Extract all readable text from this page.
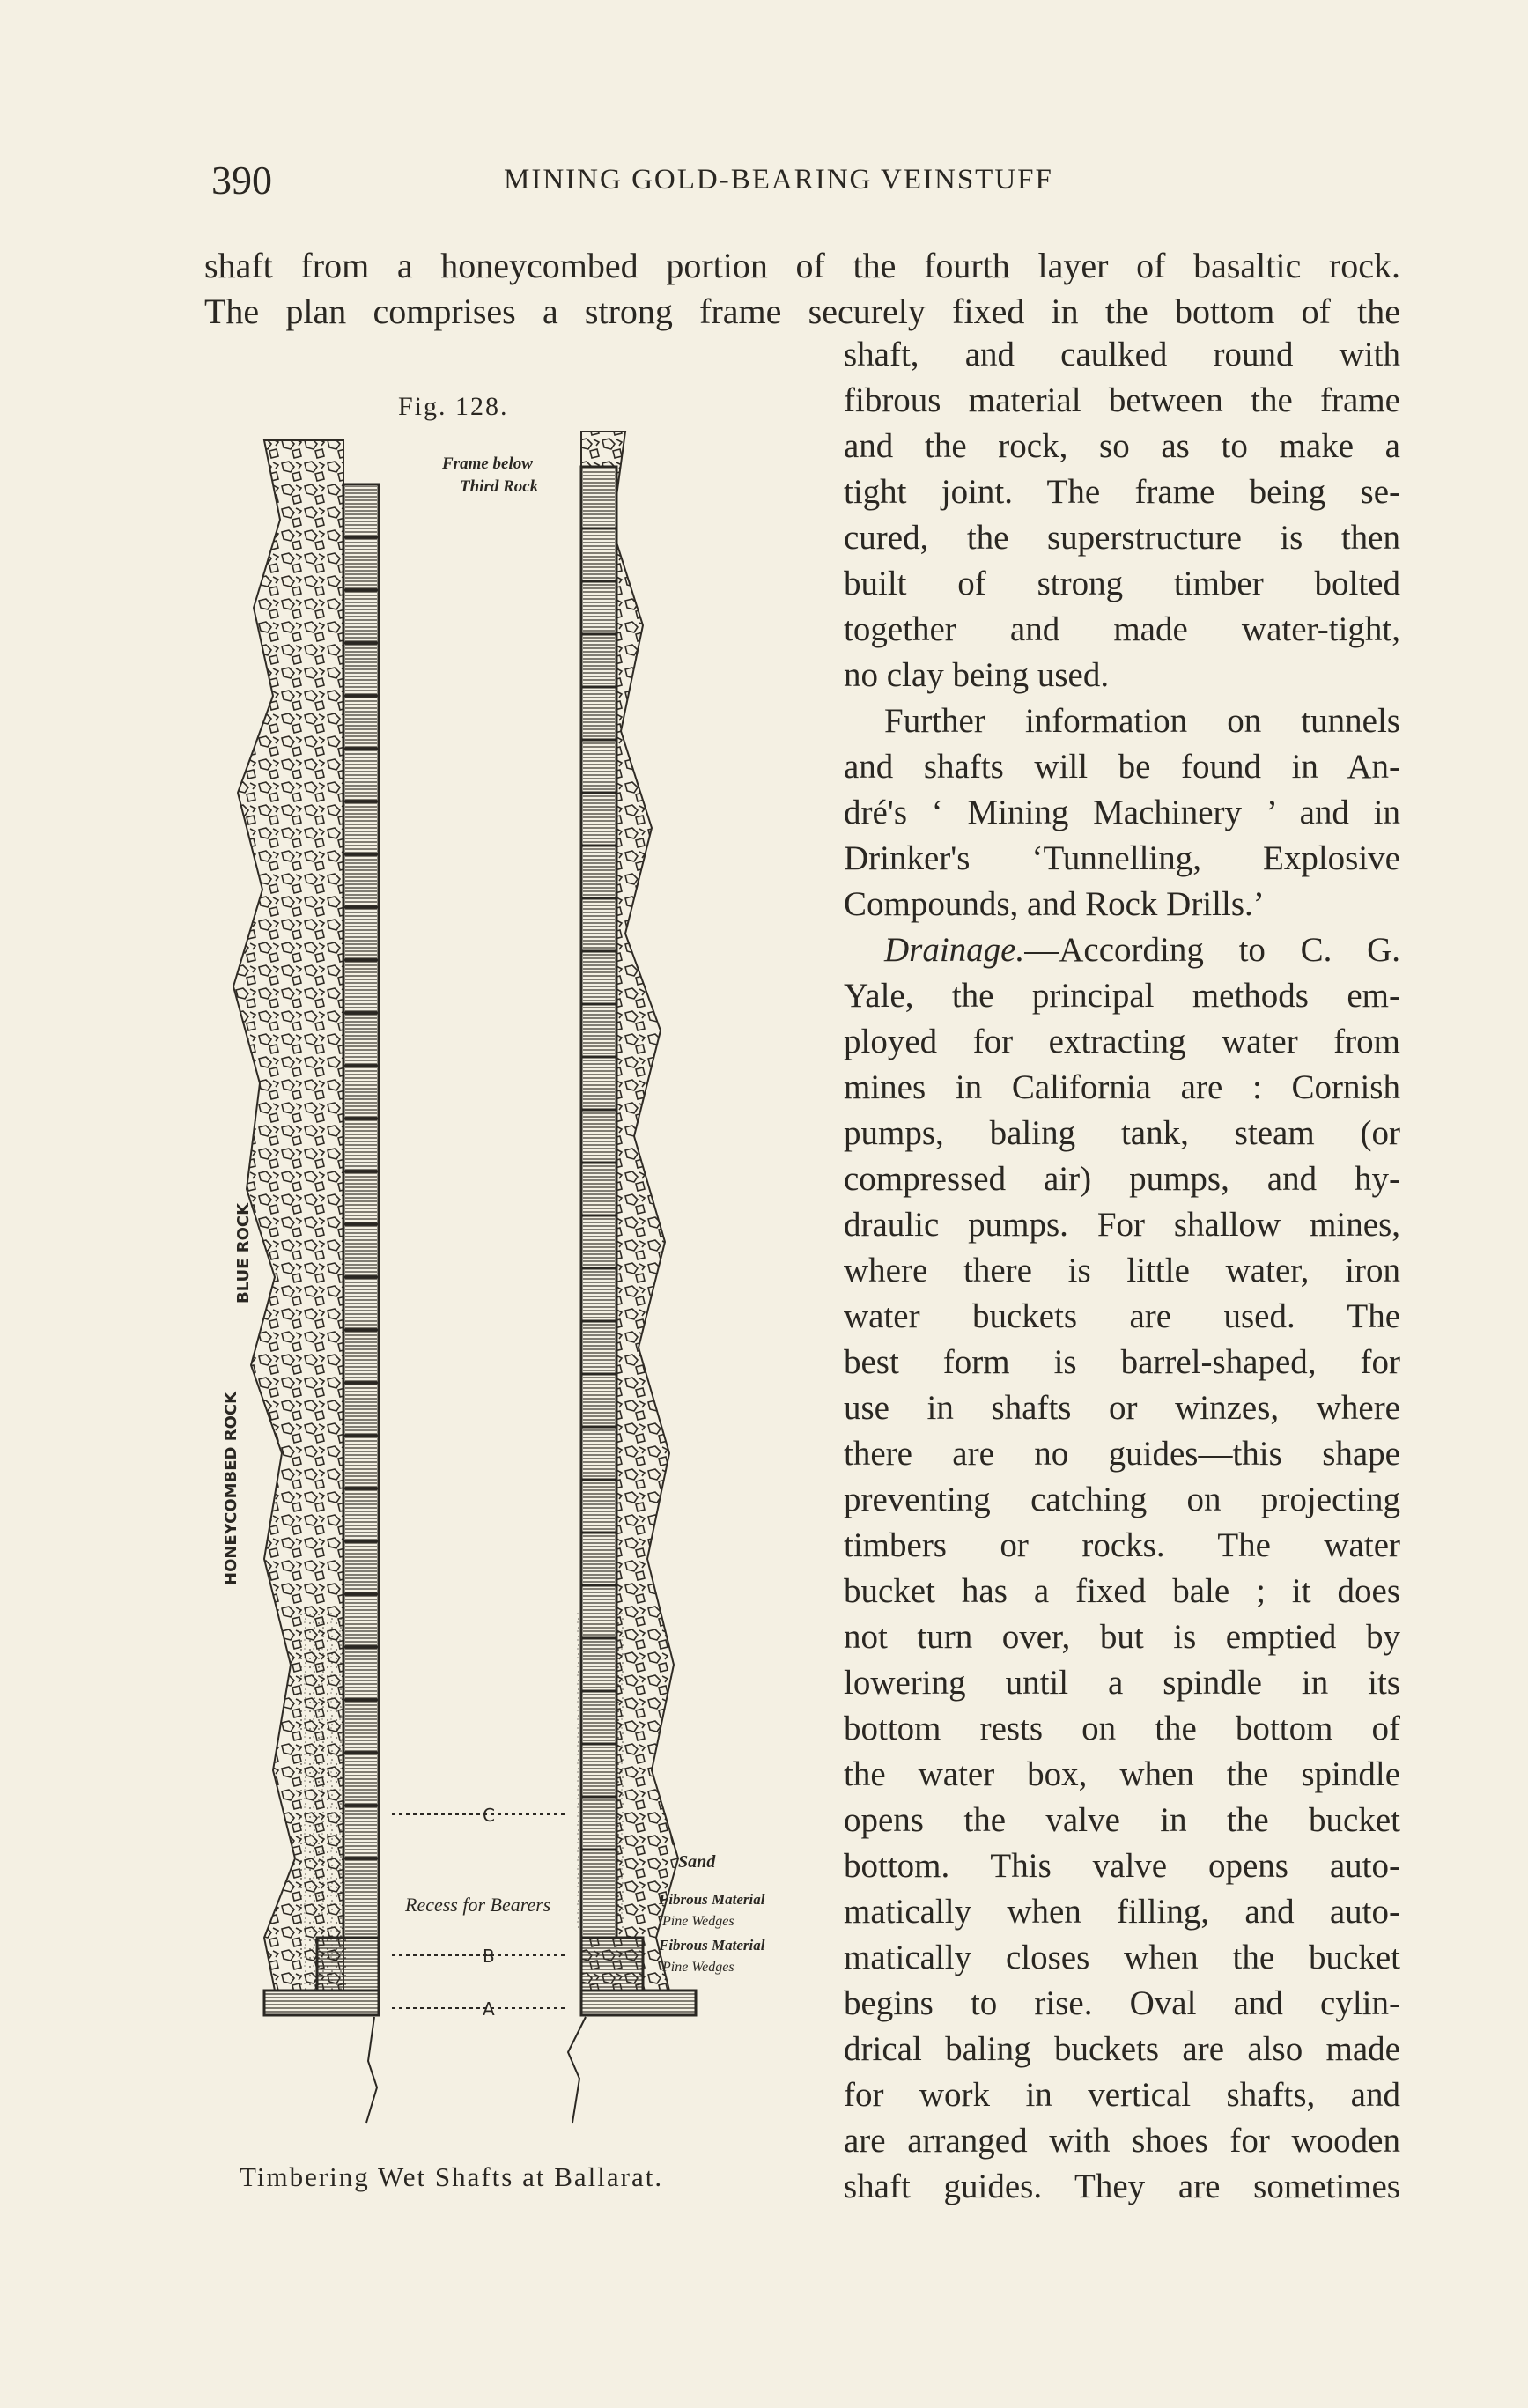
390	MINING GOLD-BEARING VEINSTUFF
shaft from a honeycombed portion of the fourth layer of basaltic rock.
The plan comprises a strong frame securely fixed in the bottom of the
Fig. 128.
BLUE ROCK
HONEYCOMBED ROCK
Frame below
Third Rock
C
B
A
Recess for Bearers
Sand
Fibrous Material
Pine Wedges
Fibrous Material
Pine Wedges
Timbering Wet Shafts at Ballarat.
shaft, and caulked round with
fibrous material between the frame
and the rock, so as to make a
tight joint. The frame being se-
cured, the superstructure is then
built of strong timber bolted
together and made water-tight,
no clay being used.
Further information on tunnels
and shafts will be found in An-
dré's ‘ Mining Machinery ’ and in
Drinker's ‘Tunnelling, Explosive
Compounds, and Rock Drills.’
Drainage. —According to C. G.
Yale, the principal methods em-
ployed for extracting water from
mines in California are : Cornish
pumps, baling tank, steam (or
compressed air) pumps, and hy-
draulic pumps. For shallow mines,
where there is little water, iron
water buckets are used. The
best form is barrel-shaped, for
use in shafts or winzes, where
there are no guides—this shape
preventing catching on projecting
timbers or rocks. The water
bucket has a fixed bale ; it does
not turn over, but is emptied by
lowering until a spindle in its
bottom rests on the bottom of
the water box, when the spindle
opens the valve in the bucket
bottom. This valve opens auto-
matically when filling, and auto-
matically closes when the bucket
begins to rise. Oval and cylin-
drical baling buckets are also made
for work in vertical shafts, and
are arranged with shoes for wooden
shaft guides. They are sometimes
